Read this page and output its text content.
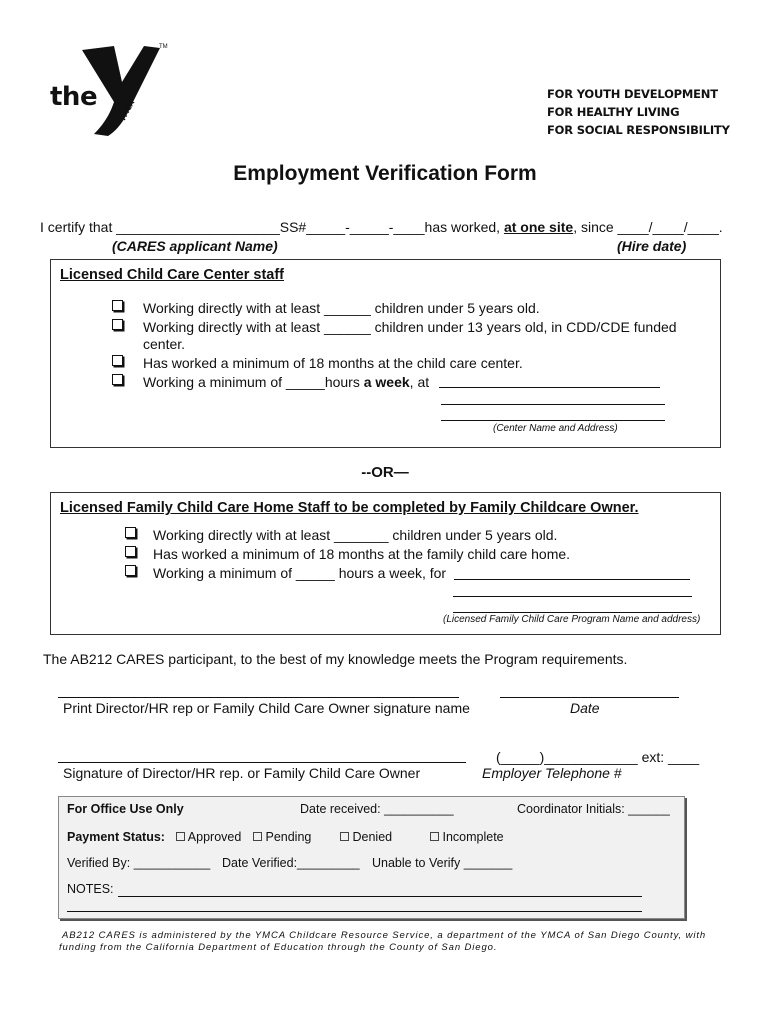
the	YMCA
TM
FOR YOUTH DEVELOPMENT
FOR HEALTHY LIVING
FOR SOCIAL RESPONSIBILITY
Employment Verification Form
I certify that _____________________SS#_____-_____-____has worked, at one site, since ____/____/____.
(CARES applicant Name)	(Hire date)
Licensed Child Care Center staff
Working directly with at least ______ children under 5 years old.
Working directly with at least ______ children under 13 years old, in CDD/CDE funded
center.
Has worked a minimum of 18 months at the child care center.
Working a minimum of _____hours a week, at
(Center Name and Address)
--OR—
Licensed Family Child Care Home Staff to be completed by Family Childcare Owner.
Working directly with at least _______ children under 5 years old.
Has worked a minimum of 18 months at the family child care home.
Working a minimum of _____ hours a week, for
(Licensed Family Child Care Program Name and address)
The AB212 CARES participant, to the best of my knowledge meets the Program requirements.
Print Director/HR rep or Family Child Care Owner signature name	Date
(_____)____________ ext: ____
Signature of Director/HR rep. or Family Child Care Owner	Employer Telephone #
For Office Use Only	Date received: __________	Coordinator Initials: ______
Payment Status:	Approved	Pending	Denied	Incomplete
Verified By: ___________ Date Verified:_________ Unable to Verify _______
NOTES:
AB212 CARES is administered by the YMCA Childcare Resource Service, a department of the YMCA of San Diego County, with
funding from the California Department of Education through the County of San Diego.
